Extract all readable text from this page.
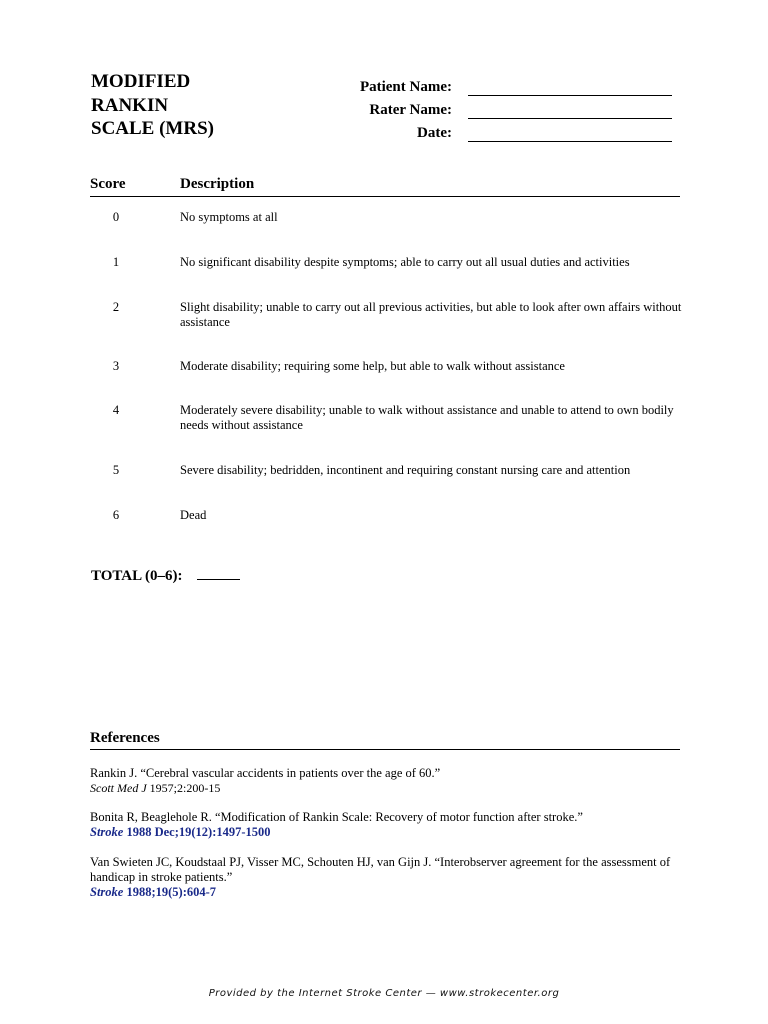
MODIFIED
RANKIN
SCALE (MRS)
Patient Name:
Rater Name:
Date:
Score	Description
0	No symptoms at all
1	No significant disability despite symptoms; able to carry out all usual duties and activities
2	Slight disability; unable to carry out all previous activities, but able to look after own affairs without assistance
3	Moderate disability; requiring some help, but able to walk without assistance
4	Moderately severe disability; unable to walk without assistance and unable to attend to own bodily needs without assistance
5	Severe disability; bedridden, incontinent and requiring constant nursing care and attention
6	Dead
TOTAL (0–6):
References
Rankin J. “Cerebral vascular accidents in patients over the age of 60.”
Scott Med J 1957;2:200-15
Bonita R, Beaglehole R. “Modification of Rankin Scale: Recovery of motor function after stroke.”
Stroke 1988 Dec;19(12):1497-1500
Van Swieten JC, Koudstaal PJ, Visser MC, Schouten HJ, van Gijn J. “Interobserver agreement for the assessment of handicap in stroke patients.”
Stroke 1988;19(5):604-7
Provided by the Internet Stroke Center — www.strokecenter.org
